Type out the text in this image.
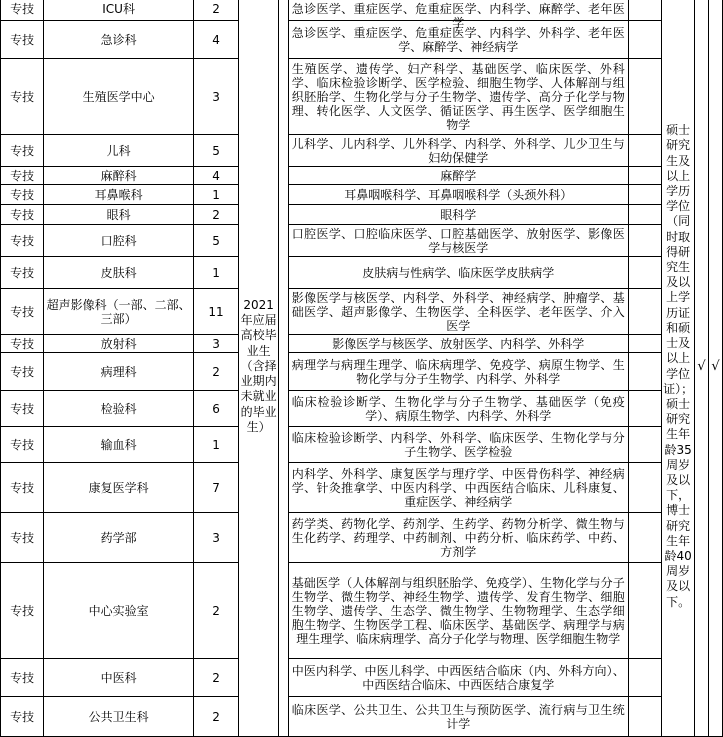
专技	ICU科	2	2021年应届高校毕业生（含择业期内未就业的毕业生）		急诊医学、重症医学、危重症医学、内科学、麻醉学、老年医学		硕士研究生及以上学历学位（同时取得研究生及以上学历证和硕士及以上学位证）；硕士研究生年龄35周岁及以下，博士研究生年龄40周岁及以下。	√	√
专技	急诊科	4			急诊医学、重症医学、危重症医学、内科学、外科学、老年医学、麻醉学、神经病学				

专技	生殖医学中心	3			生殖医学、遗传学、妇产科学、基础医学、临床医学、外科学、临床检验诊断学、医学检验、细胞生物学、人体解剖与组织胚胎学、生物化学与分子生物学、遗传学、高分子化学与物理、转化医学、人文医学、循证医学、再生医学、医学细胞生物学				

专技	儿科	5			儿科学、儿内科学、儿外科学、内科学、外科学、儿少卫生与妇幼保健学				

专技	麻醉科	4			麻醉学				

专技	耳鼻喉科	1			耳鼻咽喉科学、耳鼻咽喉科学（头颈外科）				

专技	眼科	2			眼科学				

专技	口腔科	5			口腔医学、口腔临床医学、口腔基础医学、放射医学、影像医学与核医学				

专技	皮肤科	1			皮肤病与性病学、临床医学皮肤病学				

专技	超声影像科（一部、二部、三部）	11			影像医学与核医学、内科学、外科学、神经病学、肿瘤学、基础医学、超声影像学、生物医学、全科医学、老年医学、介入医学				

专技	放射科	3			影像医学与核医学、放射医学、内科学、外科学				

专技	病理科	2			病理学与病理生理学、临床病理学、免疫学、病原生物学、生物化学与分子生物学、内科学、外科学				

专技	检验科	6			临床检验诊断学、生物化学与分子生物学、基础医学（免疫学）、病原生物学、内科学、外科学				

专技	输血科	1			临床检验诊断学、内科学、外科学、临床医学、生物化学与分子生物学、医学检验				

专技	康复医学科	7			内科学、外科学、康复医学与理疗学、中医骨伤科学、神经病学、针灸推拿学、中医内科学、中西医结合临床、儿科康复、重症医学、神经病学				

专技	药学部	3			药学类、药物化学、药剂学、生药学、药物分析学、微生物与生化药学、药理学、中药制剂、中药分析、临床药学、中药、方剂学				

专技	中心实验室	2			基础医学（人体解剖与组织胚胎学、免疫学）、生物化学与分子生物学、微生物学、神经生物学、遗传学、发育生物学、细胞生物学、遗传学、生态学、微生物学、生物物理学、生态学细胞生物学、生物医学工程、临床医学、基础医学、病理学与病理生理学、临床病理学、高分子化学与物理、医学细胞生物学				

专技	中医科	2			中医内科学、中医儿科学、中西医结合临床（内、外科方向）、中西医结合临床、中西医结合康复学				

专技	公共卫生科	2			临床医学、公共卫生、公共卫生与预防医学、流行病与卫生统计学				
